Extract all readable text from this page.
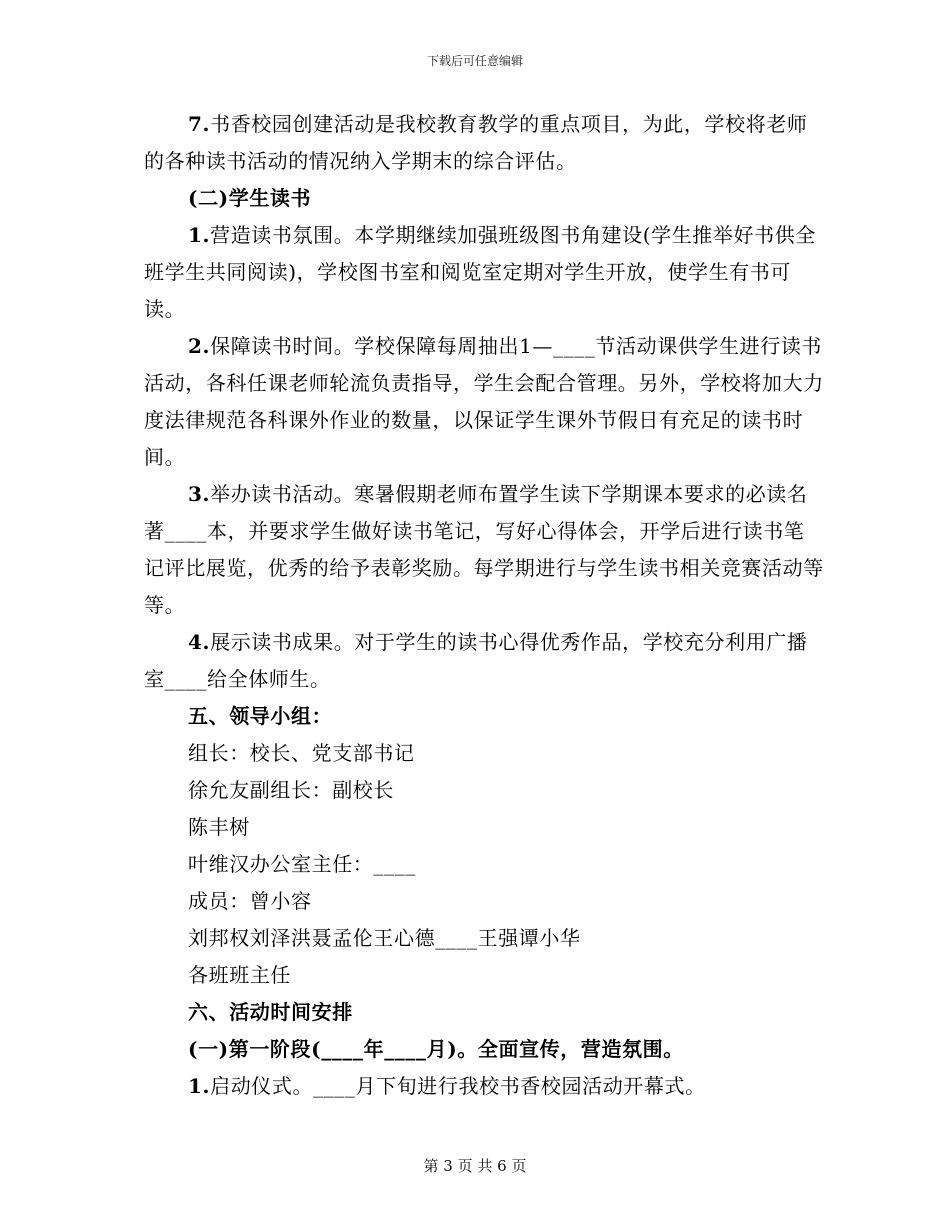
下载后可任意编辑

7.书香校园创建活动是我校教育教学的重点项目，为此，学校将老师的各种读书活动的情况纳入学期末的综合评估。

(二)学生读书

1.营造读书氛围。本学期继续加强班级图书角建设(学生推举好书供全班学生共同阅读)，学校图书室和阅览室定期对学生开放，使学生有书可读。

2.保障读书时间。学校保障每周抽出1—____节活动课供学生进行读书活动，各科任课老师轮流负责指导，学生会配合管理。另外，学校将加大力度法律规范各科课外作业的数量，以保证学生课外节假日有充足的读书时间。

3.举办读书活动。寒暑假期老师布置学生读下学期课本要求的必读名著____本，并要求学生做好读书笔记，写好心得体会，开学后进行读书笔记评比展览，优秀的给予表彰奖励。每学期进行与学生读书相关竞赛活动等等。

4.展示读书成果。对于学生的读书心得优秀作品，学校充分利用广播室____给全体师生。

五、领导小组：

组长：校长、党支部书记

徐允友副组长：副校长

陈丰树

叶维汉办公室主任：____

成员：曾小容

刘邦权刘泽洪聂孟伦王心德____王强谭小华

各班班主任

六、活动时间安排

(一)第一阶段(____年____月)。全面宣传，营造氛围。

1.启动仪式。____月下旬进行我校书香校园活动开幕式。

第 3 页 共 6 页
